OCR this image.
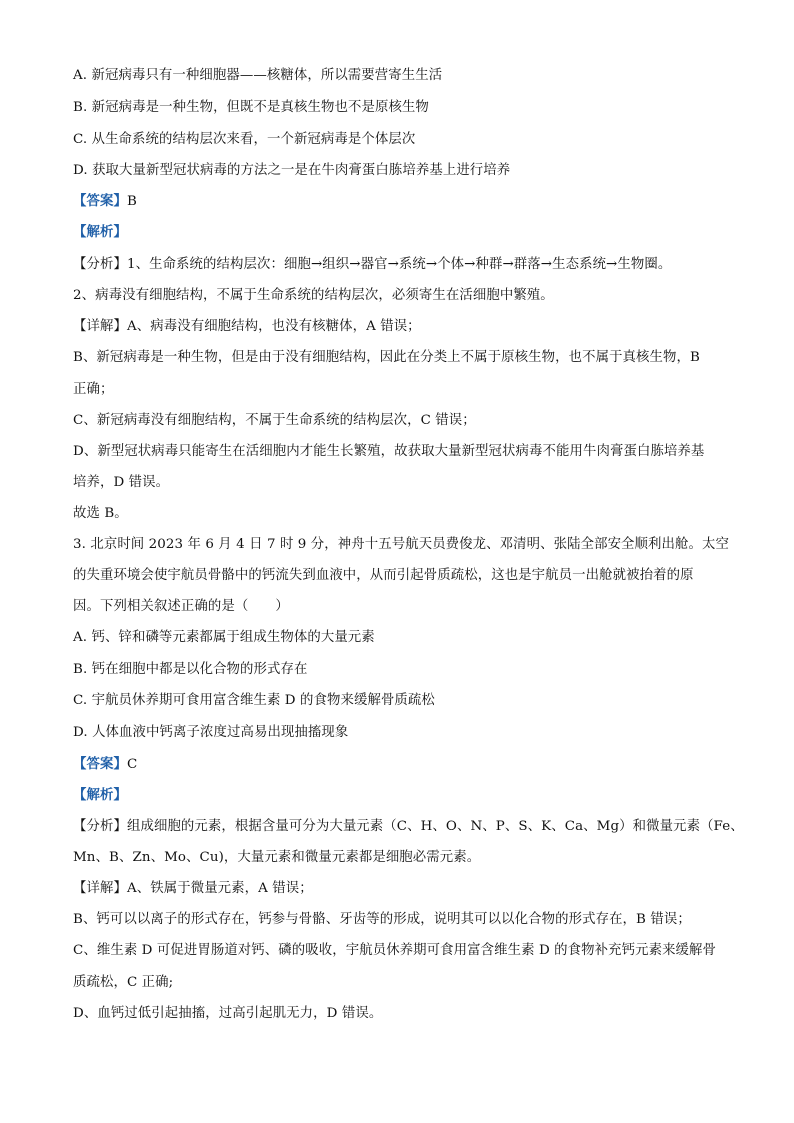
A. 新冠病毒只有一种细胞器——核糖体，所以需要营寄生生活
B. 新冠病毒是一种生物，但既不是真核生物也不是原核生物
C. 从生命系统的结构层次来看，一个新冠病毒是个体层次
D. 获取大量新型冠状病毒的方法之一是在牛肉膏蛋白胨培养基上进行培养
【答案】B
【解析】
【分析】1、生命系统的结构层次：细胞→组织→器官→系统→个体→种群→群落→生态系统→生物圈。
2、病毒没有细胞结构，不属于生命系统的结构层次，必须寄生在活细胞中繁殖。
【详解】A、病毒没有细胞结构，也没有核糖体，A 错误；
B、新冠病毒是一种生物，但是由于没有细胞结构，因此在分类上不属于原核生物，也不属于真核生物，B
正确；
C、新冠病毒没有细胞结构，不属于生命系统的结构层次，C 错误；
D、新型冠状病毒只能寄生在活细胞内才能生长繁殖，故获取大量新型冠状病毒不能用牛肉膏蛋白胨培养基
培养，D 错误。
故选 B。
3. 北京时间 2023 年 6 月 4 日 7 时 9 分，神舟十五号航天员费俊龙、邓清明、张陆全部安全顺利出舱。太空
的失重环境会使宇航员骨骼中的钙流失到血液中，从而引起骨质疏松，这也是宇航员一出舱就被抬着的原
因。下列相关叙述正确的是（　　）
A. 钙、锌和磷等元素都属于组成生物体的大量元素
B. 钙在细胞中都是以化合物的形式存在
C. 宇航员休养期可食用富含维生素 D 的食物来缓解骨质疏松
D. 人体血液中钙离子浓度过高易出现抽搐现象
【答案】C
【解析】
【分析】组成细胞的元素，根据含量可分为大量元素（C、H、O、N、P、S、K、Ca、Mg）和微量元素（Fe、
Mn、B、Zn、Mo、Cu)，大量元素和微量元素都是细胞必需元素。
【详解】A、铁属于微量元素，A 错误；
B、钙可以以离子的形式存在，钙参与骨骼、牙齿等的形成，说明其可以以化合物的形式存在，B 错误；
C、维生素 D 可促进胃肠道对钙、磷的吸收，宇航员休养期可食用富含维生素 D 的食物补充钙元素来缓解骨
质疏松，C 正确;
D、血钙过低引起抽搐，过高引起肌无力，D 错误。
